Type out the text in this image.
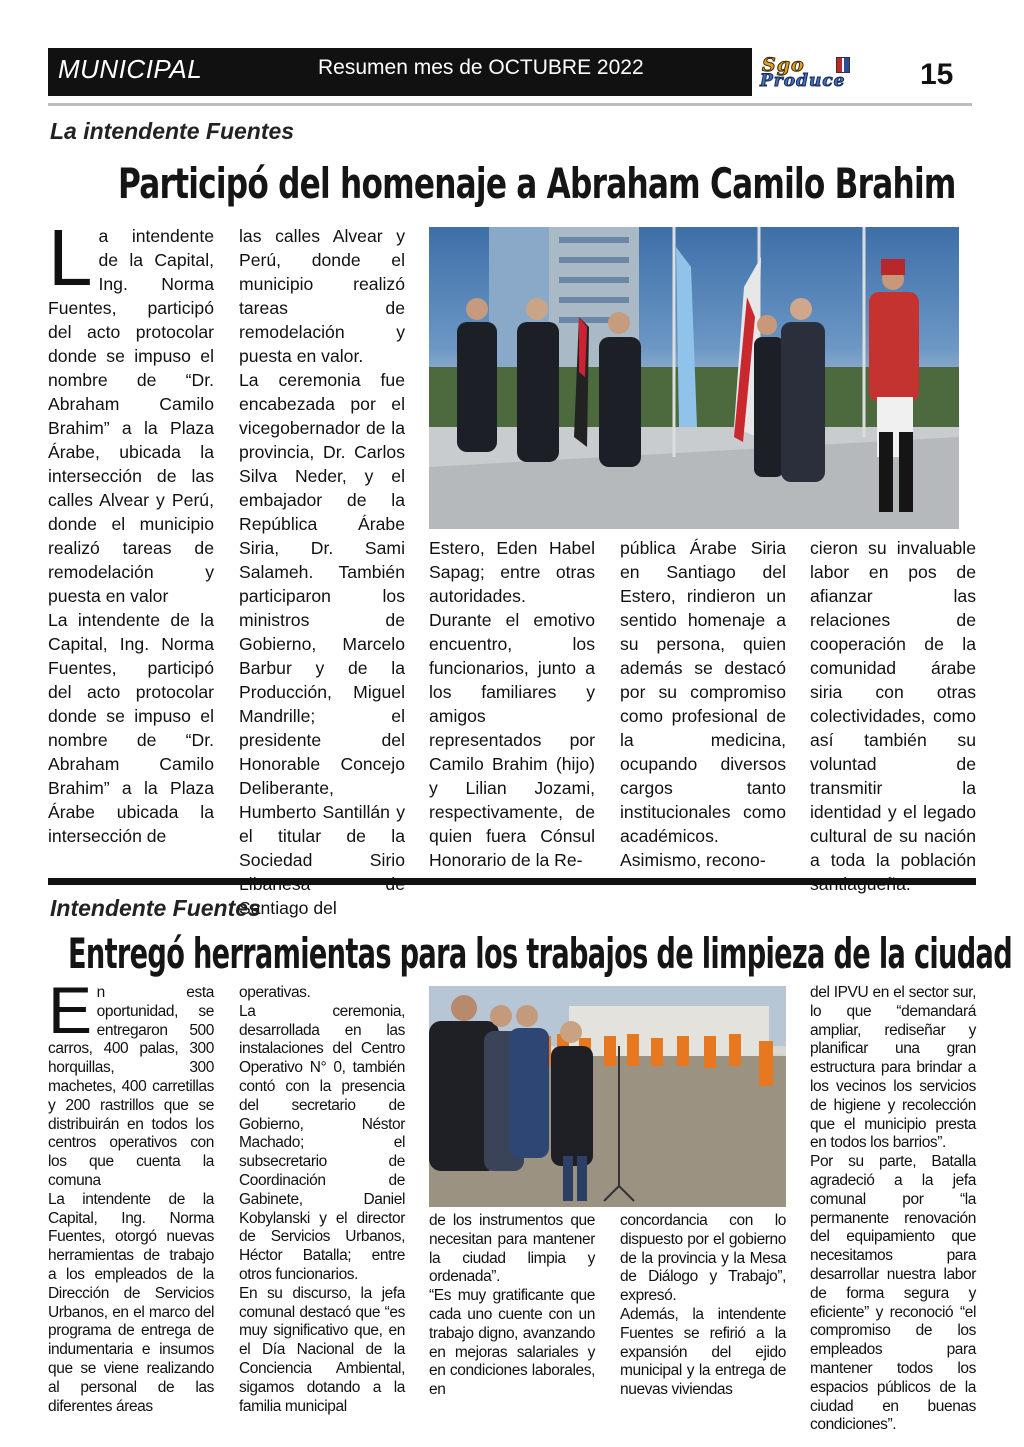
MUNICIPAL	Resumen mes de OCTUBRE 2022	Sgo
Produce 15
La intendente Fuentes
Participó del homenaje a Abraham Camilo Brahim
L a intendente de la Capital, Ing. Norma Fuentes, participó del acto protocolar donde se impuso el nombre de “Dr. Abraham Camilo Brahim” a la Plaza Árabe, ubicada la intersección de las calles Alvear y Perú, donde el municipio realizó tareas de remodelación y puesta en valor

La intendente de la Capital, Ing. Norma Fuentes, participó del acto protocolar donde se impuso el nombre de “Dr. Abraham Camilo Brahim” a la Plaza Árabe ubicada la intersección de

las calles Alvear y Perú, donde el municipio realizó tareas de remodelación y puesta en valor.

La ceremonia fue encabezada por el vicegobernador de la provincia, Dr. Carlos Silva Neder, y el embajador de la República Árabe Siria, Dr. Sami Salameh. También participaron los ministros de Gobierno, Marcelo Barbur y de la Producción, Miguel Mandrille; el presidente del Honorable Concejo Deliberante, Humberto Santillán y el titular de la Sociedad Sirio Santiago del

Estero, Eden Habel Sapag; entre otras autoridades.

Durante el emotivo encuentro, los funcionarios, junto a los familiares y amigos representados por Camilo Brahim (hijo) y Lilian Jozami, respectivamente, de quien fuera Cónsul Honorario de la Re-

pública Árabe Siria en Santiago del Estero, rindieron un sentido homenaje a su persona, quien además se destacó por su compromiso como profesional de la medicina, ocupando diversos cargos tanto institucionales como académicos.

Asimismo, recono-

cieron su invaluable labor en pos de afianzar las relaciones de cooperación de la comunidad árabe siria con otras colectividades, como así también su voluntad de transmitir la identidad y el legado cultural de su nación a toda la población

Intendente Fuentes
Entregó herramientas para los trabajos de limpieza de la ciudad
E n esta oportunidad, se entregaron 500 carros, 400 palas, 300 horquillas, 300 machetes, 400 carretillas y 200 rastrillos que se distribuirán en todos los centros operativos con los que cuenta la comuna

La intendente de la Capital, Ing. Norma Fuentes, otorgó nuevas herramientas de trabajo a los empleados de la Dirección de Servicios Urbanos, en el marco del programa de entrega de indumentaria e insumos que se viene realizando al personal de las diferentes áreas

operativas.

La ceremonia, desarrollada en las instalaciones del Centro Operativo N° 0, también contó con la presencia del secretario de Gobierno, Néstor Machado; el subsecretario de Coordinación de Gabinete, Daniel Kobylanski y el director de Servicios Urbanos, Héctor Batalla; entre otros funcionarios.

En su discurso, la jefa comunal destacó que “es muy significativo que, en el Día Nacional de la Conciencia Ambiental, sigamos dotando a la familia municipal

de los instrumentos que necesitan para mantener la ciudad limpia y ordenada”.

“Es muy gratificante que cada uno cuente con un trabajo digno, avanzando en mejoras salariales y en condiciones laborales, en

concordancia con lo dispuesto por el gobierno de la provincia y la Mesa de Diálogo y Trabajo”, expresó.

Además, la intendente Fuentes se refirió a la expansión del ejido municipal y la entrega de nuevas viviendas

del IPVU en el sector sur, lo que “demandará ampliar, rediseñar y planificar una gran estructura para brindar a los vecinos los servicios de higiene y recolección que el municipio presta en todos los barrios”.

Por su parte, Batalla agradeció a la jefa comunal por “la permanente renovación del equipamiento que necesitamos para desarrollar nuestra labor de forma segura y eficiente” y reconoció “el compromiso de los empleados para mantener todos los espacios públicos de la ciudad en buenas condiciones”.
